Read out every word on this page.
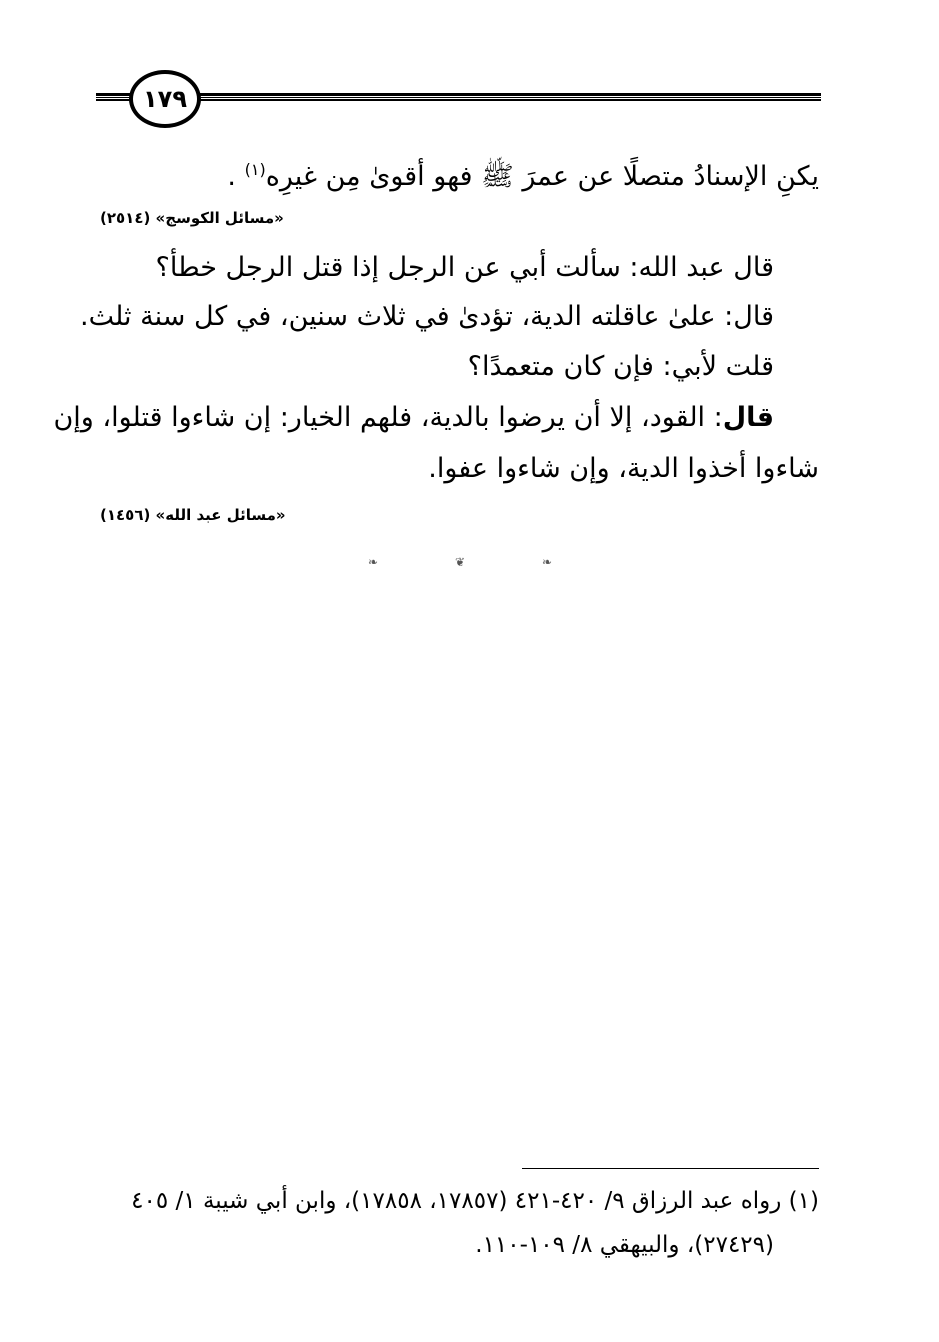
١٧٩
يكنِ الإسنادُ متصلًا عن عمرَ ﷺ فهو أقوىٰ مِن غيرِه$^{(١)}$ .
«مسائل الكوسج» (٢٥١٤)
قال عبد الله: سألت أبي عن الرجل إذا قتل الرجل خطأ؟
قال: علىٰ عاقلته الدية، تؤدىٰ في ثلاث سنين، في كل سنة ثلث.
قلت لأبي: فإن كان متعمدًا؟
قال: القود، إلا أن يرضوا بالدية، فلهم الخيار: إن شاءوا قتلوا، وإن
شاءوا أخذوا الدية، وإن شاءوا عفوا.
«مسائل عبد الله» (١٤٥٦)
❧	❦	❧
(١) رواه عبد الرزاق ٩/ ٤٢٠-٤٢١ (١٧٨٥٧، ١٧٨٥٨)، وابن أبي شيبة ١/ ٤٠٥
(٢٧٤٢٩)، والبيهقي ٨/ ١٠٩-١١٠.
